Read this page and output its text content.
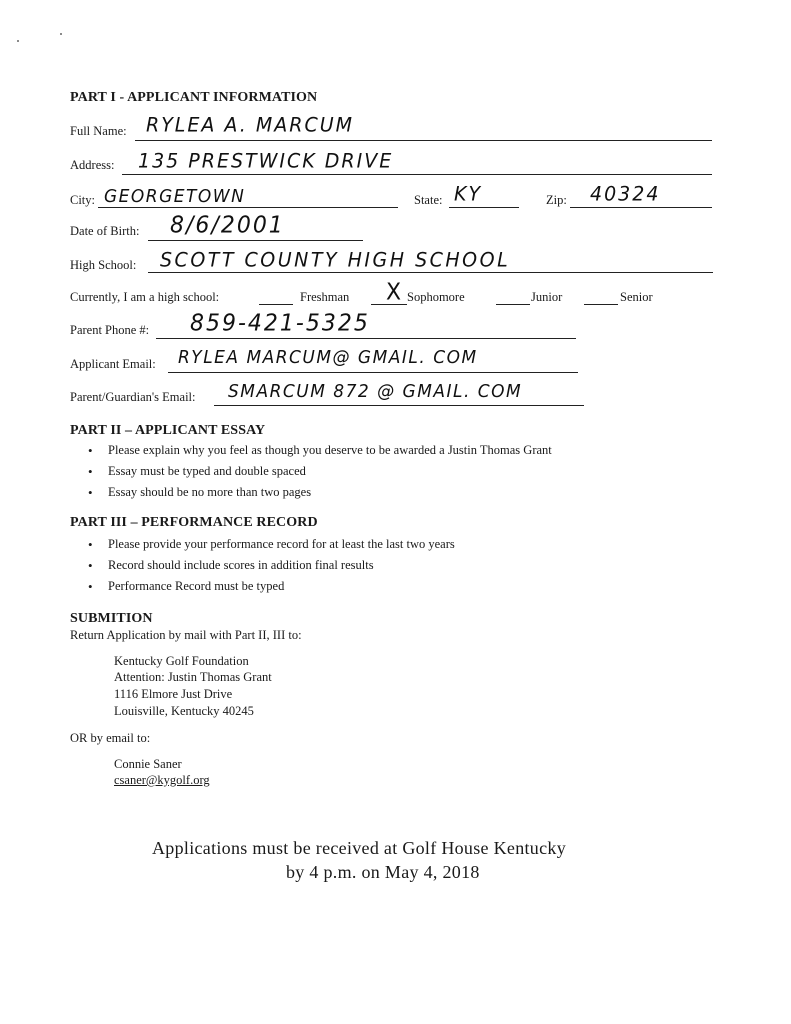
PART I - APPLICANT INFORMATION
Full Name: RYLEA A. MARCUM
Address: 135 PRESTWICK DRIVE
City: GEORGETOWN	State: KY	Zip: 40324
Date of Birth: 8/6/2001
High School: SCOTT COUNTY HIGH SCHOOL
Currently, I am a high school:	Freshman X Sophomore	Junior	Senior
Parent Phone #: 859-421-5325
Applicant Email: RYLEA MARCUM@ GMAIL. COM
Parent/Guardian's Email: SMARCUM 872 @ GMAIL. COM
PART II – APPLICANT ESSAY
• Please explain why you feel as though you deserve to be awarded a Justin Thomas Grant
• Essay must be typed and double spaced
• Essay should be no more than two pages
PART III – PERFORMANCE RECORD
• Please provide your performance record for at least the last two years
• Record should include scores in addition final results
• Performance Record must be typed
SUBMITION
Return Application by mail with Part II, III to:
Kentucky Golf Foundation
Attention: Justin Thomas Grant
1116 Elmore Just Drive
Louisville, Kentucky 40245
OR by email to:
Connie Saner
csaner@kygolf.org
Applications must be received at Golf House Kentucky
by 4 p.m. on May 4, 2018
